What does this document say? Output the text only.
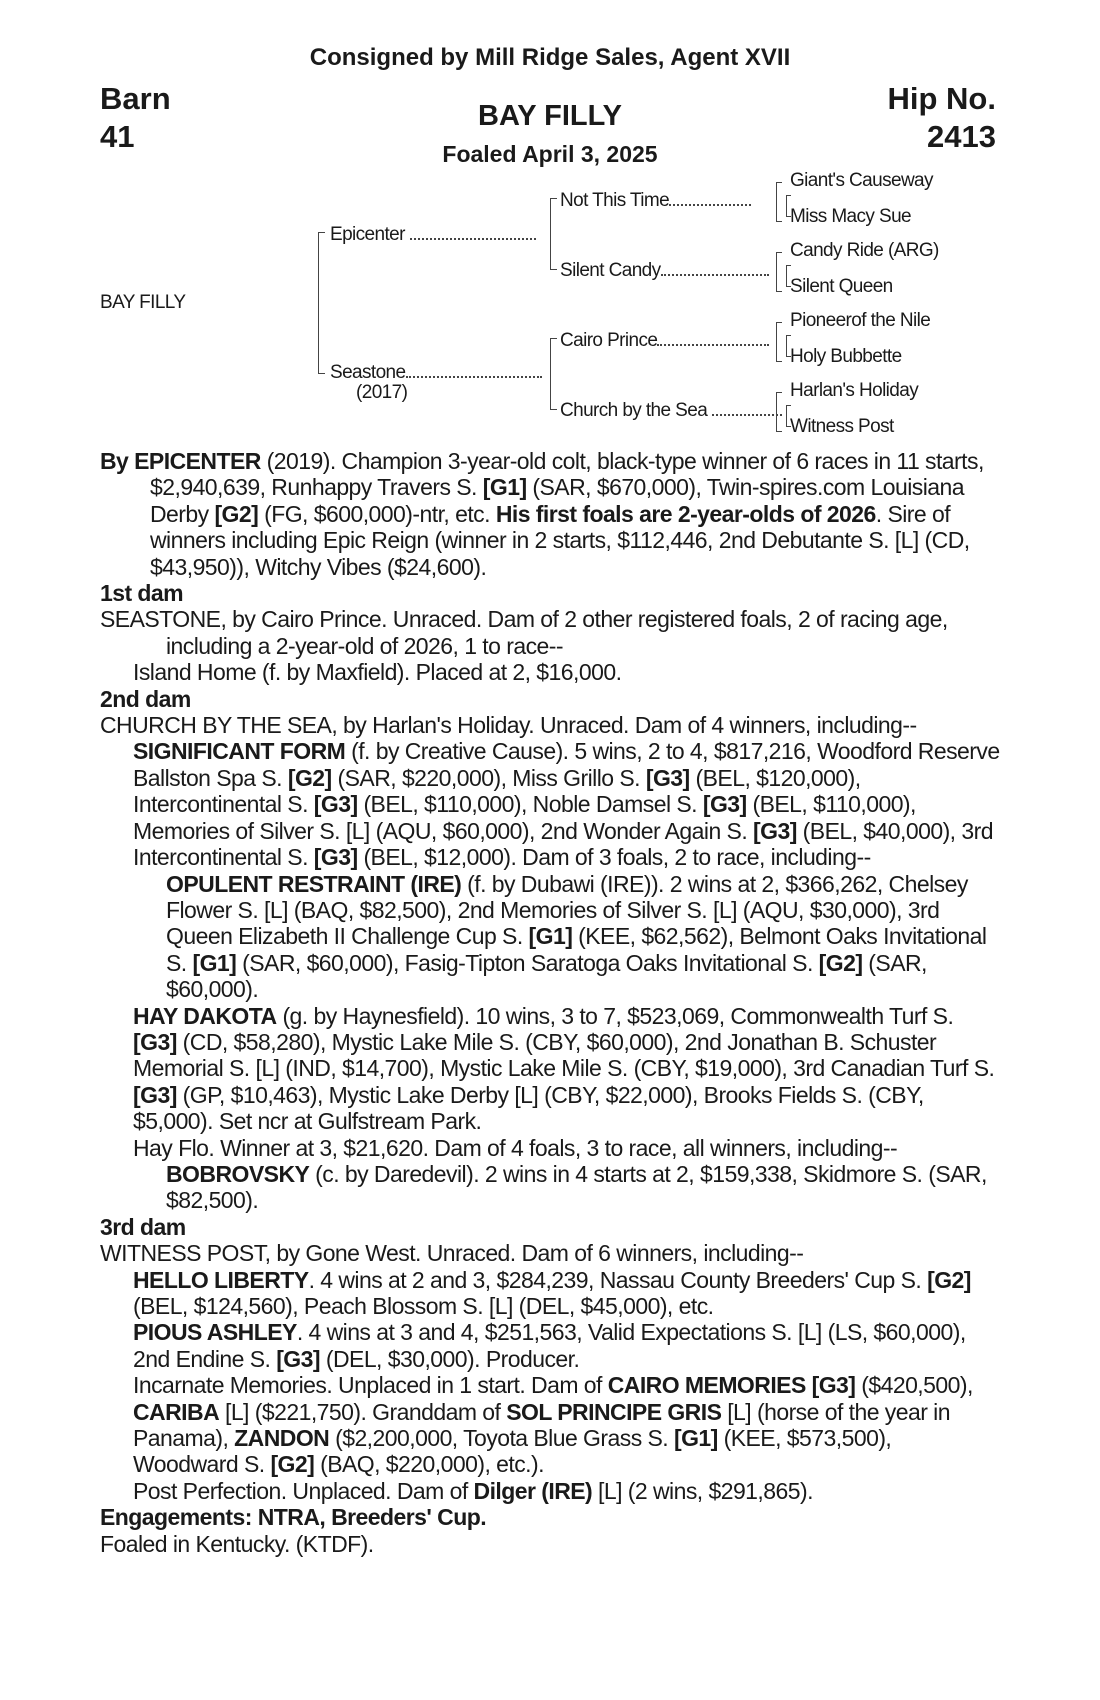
Consigned by Mill Ridge Sales, Agent XVII
Barn
41
Hip No.
2413
BAY FILLY
Foaled April 3, 2025
BAY FILLY
Epicenter
Seastone
(2017)
Not This Time
Silent Candy
Cairo Prince
Church by the Sea
Giant's Causeway
Miss Macy Sue
Candy Ride (ARG)
Silent Queen
Pioneerof the Nile
Holy Bubbette
Harlan's Holiday
Witness Post

By EPICENTER (2019). Champion 3-year-old colt, black-type winner of 6 races in 11 starts, $2,940,639, Runhappy Travers S. [G1] (SAR, $670,000), Twin-spires.com Louisiana Derby [G2] (FG, $600,000)-ntr, etc. His first foals are 2-year-olds of 2026. Sire of winners including Epic Reign (winner in 2 starts, $112,446, 2nd Debutante S. [L] (CD, $43,950)), Witchy Vibes ($24,600).

1st dam

SEASTONE, by Cairo Prince. Unraced. Dam of 2 other registered foals, 2 of racing age, including a 2-year-old of 2026, 1 to race--

Island Home (f. by Maxfield). Placed at 2, $16,000.

2nd dam

CHURCH BY THE SEA, by Harlan's Holiday. Unraced. Dam of 4 winners, including--

SIGNIFICANT FORM (f. by Creative Cause). 5 wins, 2 to 4, $817,216, Woodford Reserve Ballston Spa S. [G2] (SAR, $220,000), Miss Grillo S. [G3] (BEL, $120,000), Intercontinental S. [G3] (BEL, $110,000), Noble Damsel S. [G3] (BEL, $110,000), Memories of Silver S. [L] (AQU, $60,000), 2nd Wonder Again S. [G3] (BEL, $40,000), 3rd Intercontinental S. [G3] (BEL, $12,000). Dam of 3 foals, 2 to race, including--

OPULENT RESTRAINT (IRE) (f. by Dubawi (IRE)). 2 wins at 2, $366,262, Chelsey Flower S. [L] (BAQ, $82,500), 2nd Memories of Silver S. [L] (AQU, $30,000), 3rd Queen Elizabeth II Challenge Cup S. [G1] (KEE, $62,562), Belmont Oaks Invitational S. [G1] (SAR, $60,000), Fasig-Tipton Saratoga Oaks Invitational S. [G2] (SAR, $60,000).

HAY DAKOTA (g. by Haynesfield). 10 wins, 3 to 7, $523,069, Commonwealth Turf S. [G3] (CD, $58,280), Mystic Lake Mile S. (CBY, $60,000), 2nd Jonathan B. Schuster Memorial S. [L] (IND, $14,700), Mystic Lake Mile S. (CBY, $19,000), 3rd Canadian Turf S. [G3] (GP, $10,463), Mystic Lake Derby [L] (CBY, $22,000), Brooks Fields S. (CBY, $5,000). Set ncr at Gulfstream Park.

Hay Flo. Winner at 3, $21,620. Dam of 4 foals, 3 to race, all winners, including--

BOBROVSKY (c. by Daredevil). 2 wins in 4 starts at 2, $159,338, Skidmore S. (SAR, $82,500).

3rd dam

WITNESS POST, by Gone West. Unraced. Dam of 6 winners, including--

HELLO LIBERTY. 4 wins at 2 and 3, $284,239, Nassau County Breeders' Cup S. [G2] (BEL, $124,560), Peach Blossom S. [L] (DEL, $45,000), etc.

PIOUS ASHLEY. 4 wins at 3 and 4, $251,563, Valid Expectations S. [L] (LS, $60,000), 2nd Endine S. [G3] (DEL, $30,000). Producer.

Incarnate Memories. Unplaced in 1 start. Dam of CAIRO MEMORIES [G3] ($420,500), CARIBA [L] ($221,750). Granddam of SOL PRINCIPE GRIS [L] (horse of the year in Panama), ZANDON ($2,200,000, Toyota Blue Grass S. [G1] (KEE, $573,500), Woodward S. [G2] (BAQ, $220,000), etc.).

Post Perfection. Unplaced. Dam of Dilger (IRE) [L] (2 wins, $291,865).

Engagements: NTRA, Breeders' Cup.

Foaled in Kentucky. (KTDF).
